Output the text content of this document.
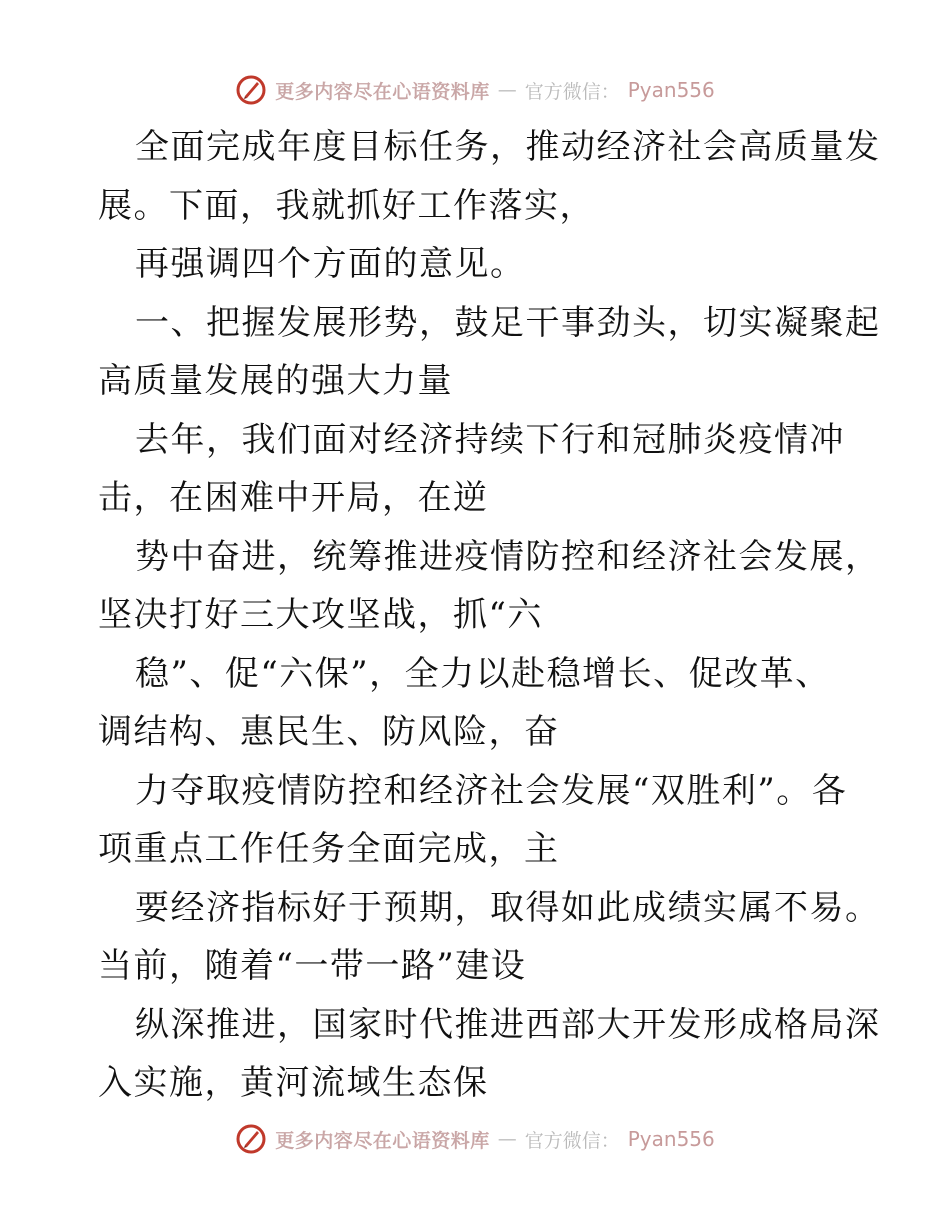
更多内容尽在心语资料库 — 官方微信： Pyan556
全面完成年度目标任务，推动经济社会高质量发
展。下面，我就抓好工作落实，
再强调四个方面的意见。
一、把握发展形势，鼓足干事劲头，切实凝聚起
高质量发展的强大力量
去年，我们面对经济持续下行和冠肺炎疫情冲
击，在困难中开局，在逆
势中奋进，统筹推进疫情防控和经济社会发展，
坚决打好三大攻坚战，抓“六
稳”、促“六保”，全力以赴稳增长、促改革、
调结构、惠民生、防风险，奋
力夺取疫情防控和经济社会发展“双胜利”。各
项重点工作任务全面完成，主
要经济指标好于预期，取得如此成绩实属不易。
当前，随着“一带一路”建设
纵深推进，国家时代推进西部大开发形成格局深
入实施，黄河流域生态保
更多内容尽在心语资料库 — 官方微信： Pyan556
